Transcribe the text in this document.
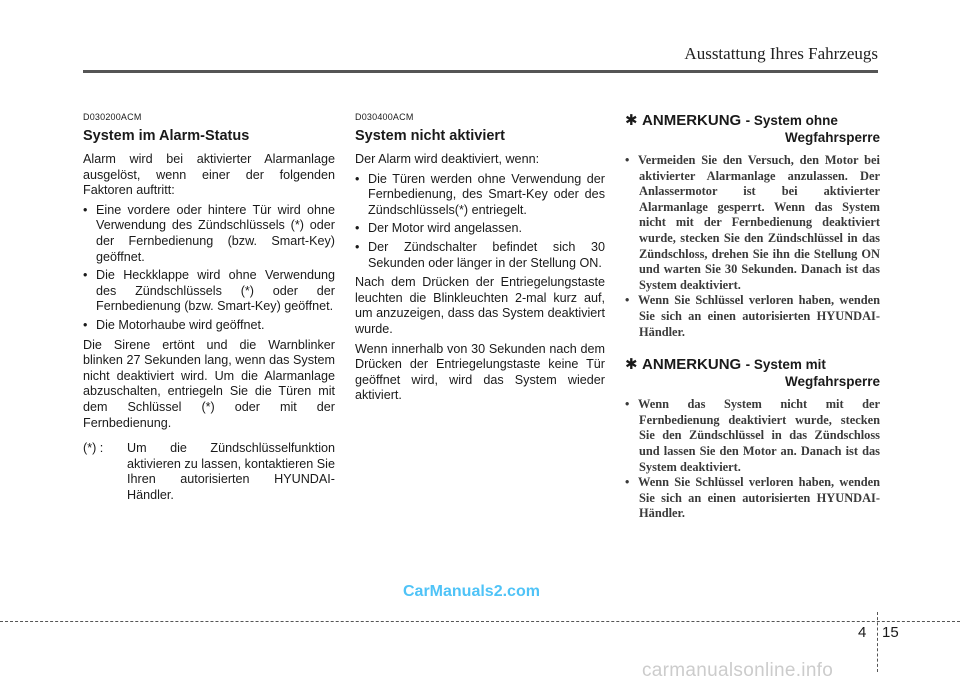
Ausstattung Ihres Fahrzeugs
D030200ACM
System im Alarm-Status

Alarm wird bei aktivierter Alarmanlage ausgelöst, wenn einer der folgenden Faktoren auftritt:

• Eine vordere oder hintere Tür wird ohne Verwendung des Zündschlüssels (*) oder der Fernbedienung (bzw. Smart-Key) geöffnet.
• Die Heckklappe wird ohne Verwendung des Zündschlüssels (*) oder der Fernbedienung (bzw. Smart-Key) geöffnet.
• Die Motorhaube wird geöffnet.

Die Sirene ertönt und die Warnblinker blinken 27 Sekunden lang, wenn das System nicht deaktiviert wird. Um die Alarmanlage abzuschalten, entriegeln Sie die Türen mit dem Schlüssel (*) oder mit der Fernbedienung.

(*) :	Um die Zündschlüsselfunktion aktivieren zu lassen, kontaktieren Sie Ihren autorisierten HYUNDAI-Händler.
D030400ACM
System nicht aktiviert

Der Alarm wird deaktiviert, wenn:

• Die Türen werden ohne Verwendung der Fernbedienung, des Smart-Key oder des Zündschlüssels(*) entriegelt.
• Der Motor wird angelassen.
• Der Zündschalter befindet sich 30 Sekunden oder länger in der Stellung ON.

Nach dem Drücken der Entriegelungstaste leuchten die Blinkleuchten 2-mal kurz auf, um anzuzeigen, dass das System deaktiviert wurde.

Wenn innerhalb von 30 Sekunden nach dem Drücken der Entriegelungstaste keine Tür geöffnet wird, wird das System wieder aktiviert.

✱ ANMERKUNG - System ohne
Wegfahrsperre
• Vermeiden Sie den Versuch, den Motor bei aktivierter Alarmanlage anzulassen. Der Anlassermotor ist bei aktivierter Alarmanlage gesperrt. Wenn das System nicht mit der Fernbedienung deaktiviert wurde, stecken Sie den Zündschlüssel in das Zündschloss, drehen Sie ihn die Stellung ON und warten Sie 30 Sekunden. Danach ist das System deaktiviert.
• Wenn Sie Schlüssel verloren haben, wenden Sie sich an einen autorisierten HYUNDAI-Händler.
✱ ANMERKUNG - System mit
Wegfahrsperre
• Wenn das System nicht mit der Fernbedienung deaktiviert wurde, stecken Sie den Zündschlüssel in das Zündschloss und lassen Sie den Motor an. Danach ist das System deaktiviert.
• Wenn Sie Schlüssel verloren haben, wenden Sie sich an einen autorisierten HYUNDAI-Händler.
CarManuals2.com
4 15
carmanualsonline.info
